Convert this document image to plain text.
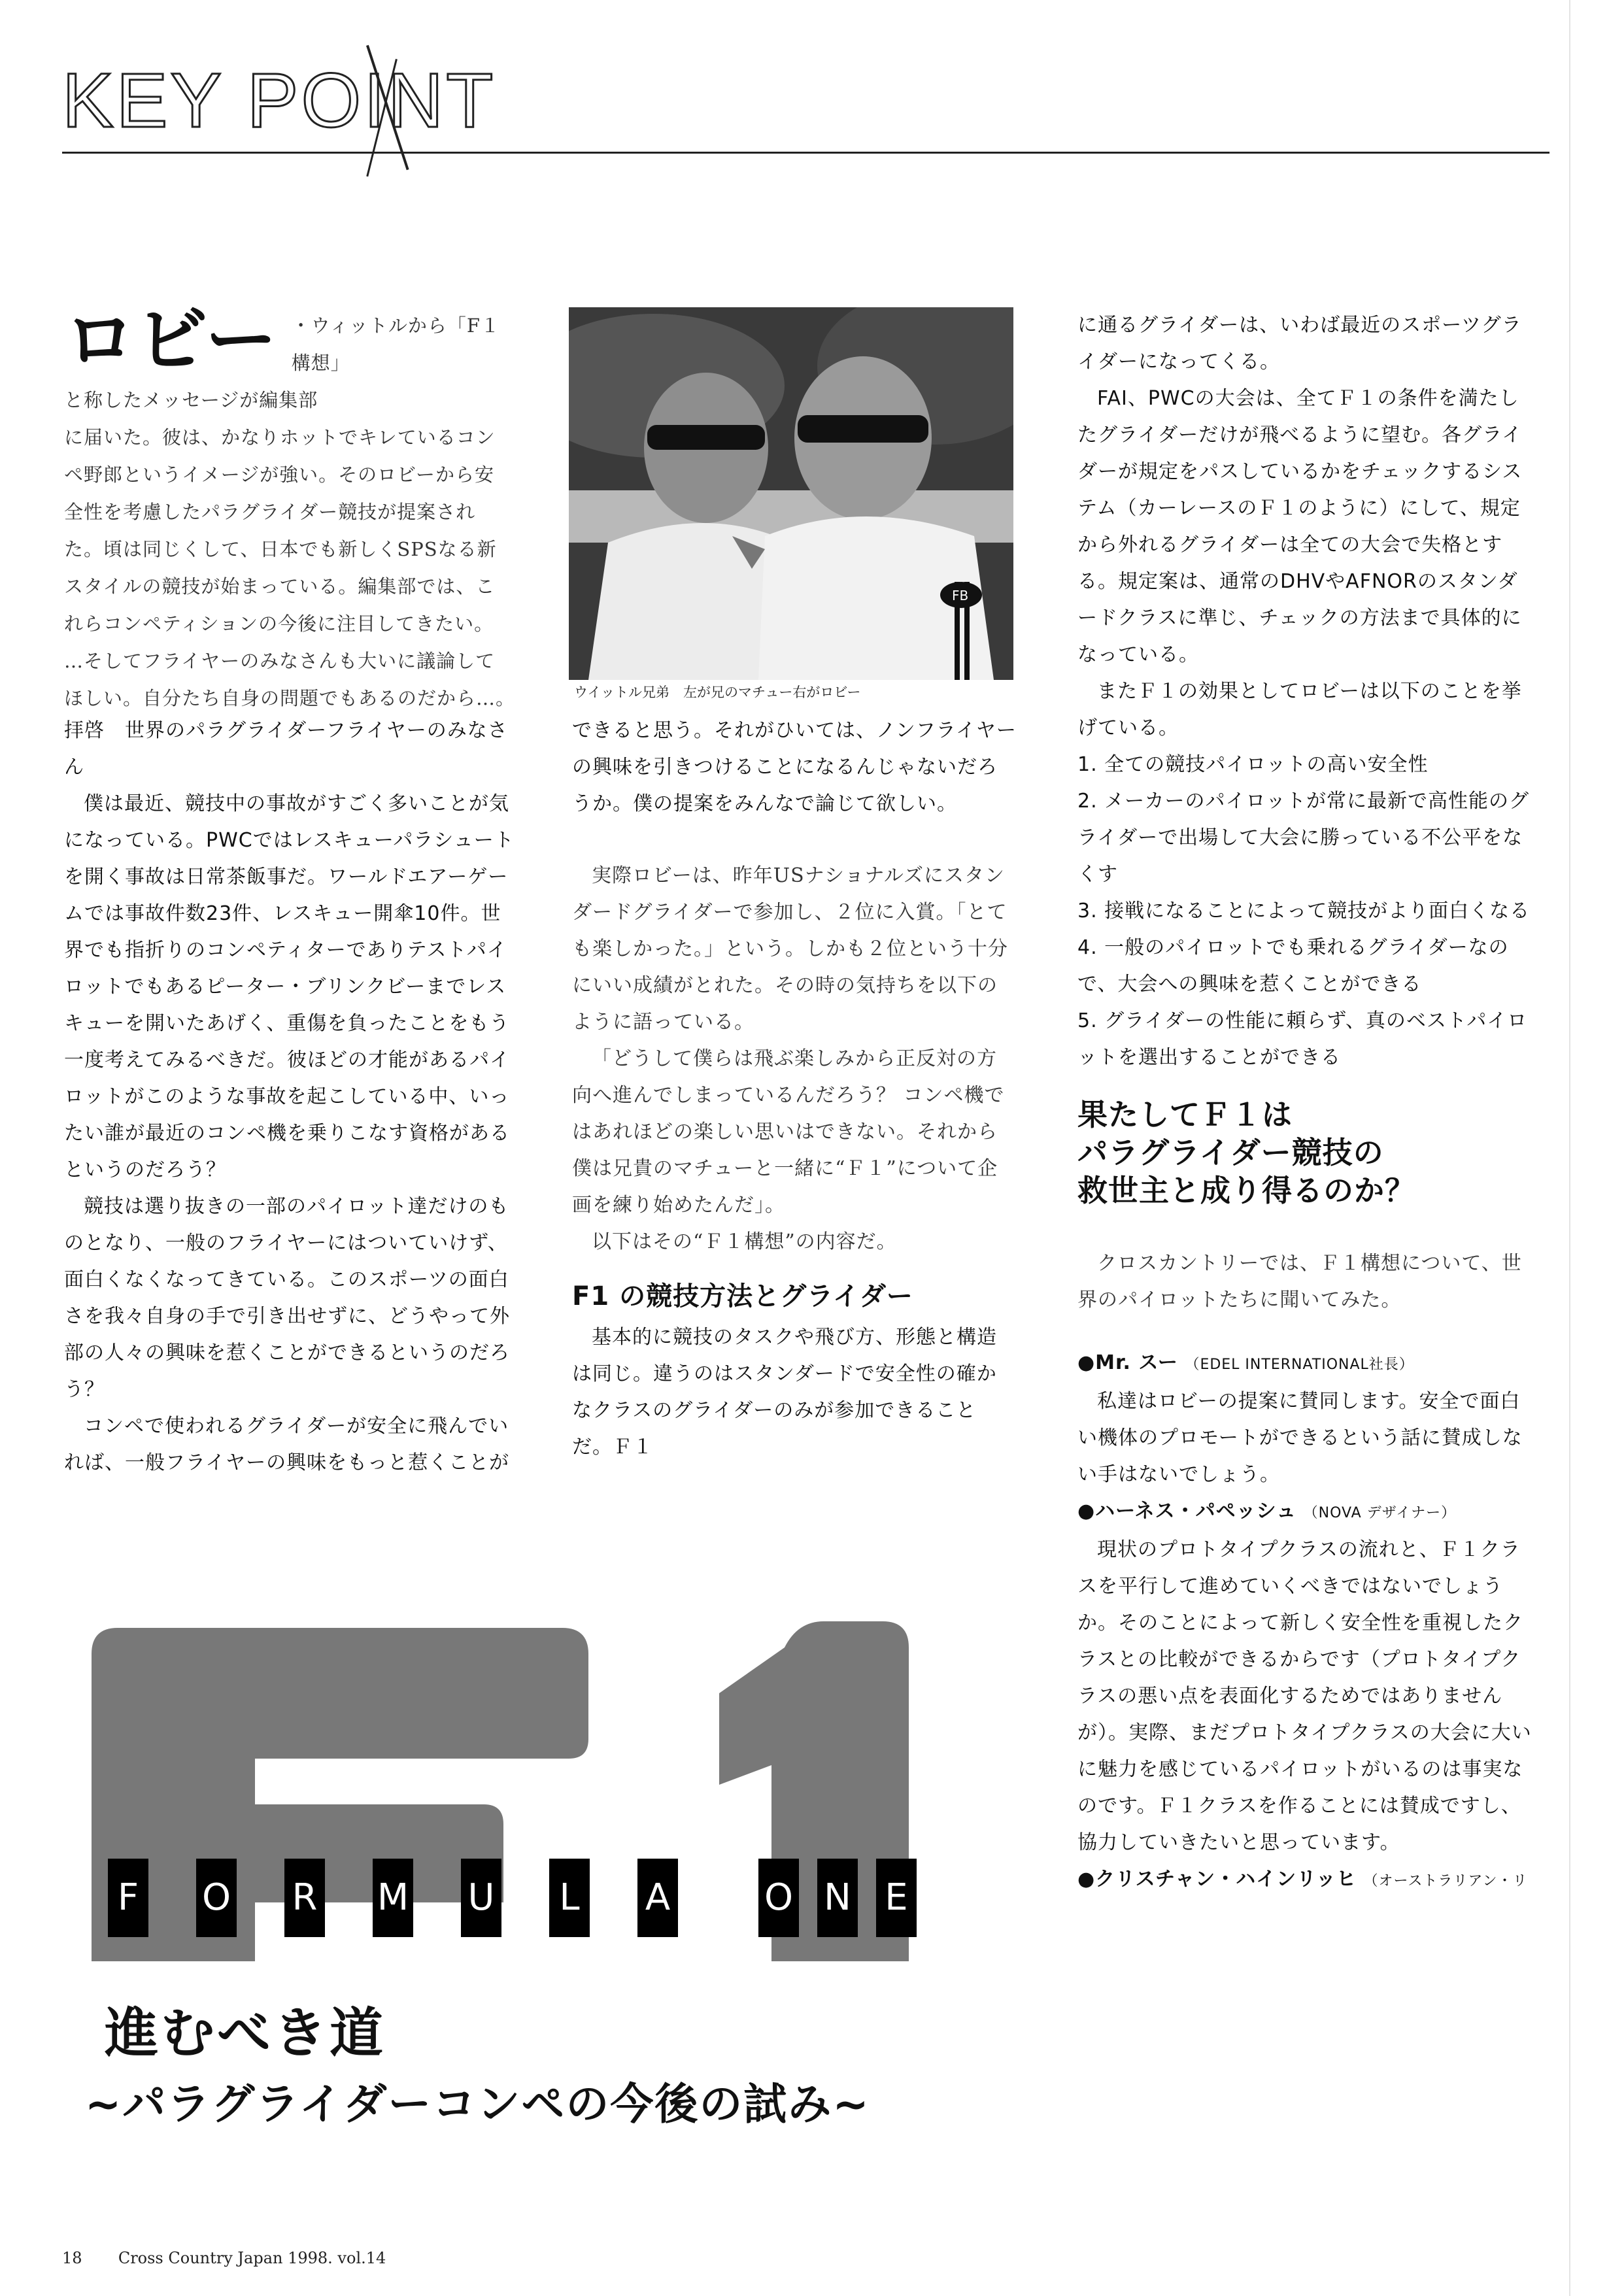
KEY POINT
ロビー ・ウィットルから「F１構想」
と称したメッセージが編集部
に届いた。彼は、かなりホットでキレているコン
ペ野郎というイメージが強い。そのロビーから安
全性を考慮したパラグライダー競技が提案され
た。頃は同じくして、日本でも新しくSPSなる新
スタイルの競技が始まっている。編集部では、こ
れらコンペティションの今後に注目してきたい。
…そしてフライヤーのみなさんも大いに議論して
ほしい。自分たち自身の問題でもあるのだから…。

拝啓　世界のパラグライダーフライヤーのみなさん

僕は最近、競技中の事故がすごく多いことが気になっている。PWCではレスキューパラシュートを開く事故は日常茶飯事だ。ワールドエアーゲームでは事故件数23件、レスキュー開傘10件。世界でも指折りのコンペティターでありテストパイロットでもあるピーター・ブリンクビーまでレスキューを開いたあげく、重傷を負ったことをもう一度考えてみるべきだ。彼ほどの才能があるパイロットがこのような事故を起こしている中、いったい誰が最近のコンペ機を乗りこなす資格があるというのだろう？

競技は選り抜きの一部のパイロット達だけのものとなり、一般のフライヤーにはついていけず、面白くなくなってきている。このスポーツの面白さを我々自身の手で引き出せずに、どうやって外部の人々の興味を惹くことができるというのだろう？

コンペで使われるグライダーが安全に飛んでいれば、一般フライヤーの興味をもっと惹くことが

FB
ウイットル兄弟　左が兄のマチュー右がロビー

できると思う。それがひいては、ノンフライヤーの興味を引きつけることになるんじゃないだろうか。僕の提案をみんなで論じて欲しい。

実際ロビーは、昨年USナショナルズにスタンダードグライダーで参加し、２位に入賞。「とても楽しかった。」という。しかも２位という十分にいい成績がとれた。その時の気持ちを以下のように語っている。

「どうして僕らは飛ぶ楽しみから正反対の方向へ進んでしまっているんだろう？ コンペ機ではあれほどの楽しい思いはできない。それから僕は兄貴のマチューと一緒に“Ｆ１”について企画を練り始めたんだ」。

以下はその“Ｆ１構想”の内容だ。

F1 の競技方法とグライダー

基本的に競技のタスクや飛び方、形態と構造は同じ。違うのはスタンダードで安全性の確かなクラスのグライダーのみが参加できることだ。Ｆ１

に通るグライダーは、いわば最近のスポーツグライダーになってくる。

FAI、PWCの大会は、全てＦ１の条件を満たしたグライダーだけが飛べるように望む。各グライダーが規定をパスしているかをチェックするシステム（カーレースのＦ１のように）にして、規定から外れるグライダーは全ての大会で失格とする。規定案は、通常のDHVやAFNORのスタンダードクラスに準じ、チェックの方法まで具体的になっている。

またＦ１の効果としてロビーは以下のことを挙げている。

1. 全ての競技パイロットの高い安全性
2. メーカーのパイロットが常に最新で高性能のグライダーで出場して大会に勝っている不公平をなくす
3. 接戦になることによって競技がより面白くなる
4. 一般のパイロットでも乗れるグライダーなので、大会への興味を惹くことができる
5. グライダーの性能に頼らず、真のベストパイロットを選出することができる
果たしてＦ１は
パラグライダー競技の
救世主と成り得るのか？

クロスカントリーでは、Ｆ１構想について、世界のパイロットたちに聞いてみた。

●Mr. スー （EDEL INTERNATIONAL社長）

私達はロビーの提案に賛同します。安全で面白い機体のプロモートができるという話に賛成しない手はないでしょう。

●ハーネス・パペッシュ （NOVA デザイナー）

現状のプロトタイプクラスの流れと、Ｆ１クラスを平行して進めていくべきではないでしょうか。そのことによって新しく安全性を重視したクラスとの比較ができるからです（プロトタイプクラスの悪い点を表面化するためではありませんが）。実際、まだプロトタイプクラスの大会に大いに魅力を感じているパイロットがいるのは事実なのです。Ｆ１クラスを作ることには賛成ですし、協力していきたいと思っています。

●クリスチャン・ハインリッヒ （オーストラリアン・リ
F O R M U L A	O N E
進むべき道
~パラグライダーコンペの今後の試み~
18 Cross Country Japan 1998. vol.14
